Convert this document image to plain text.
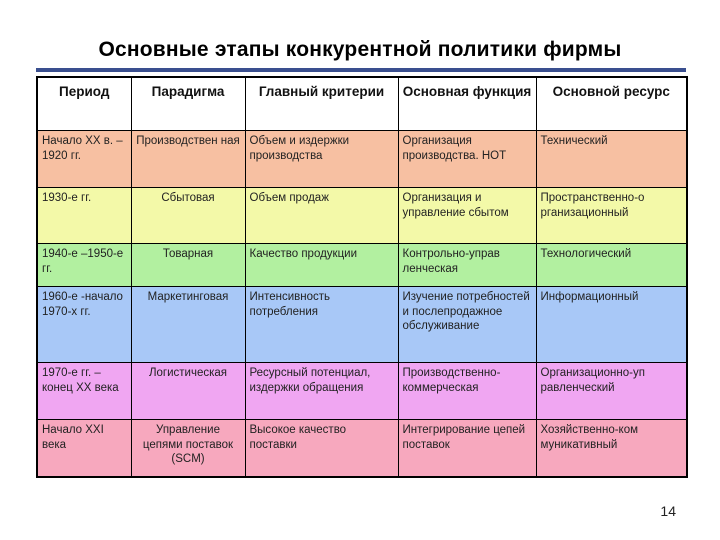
Основные этапы конкурентной политики фирмы
Период	Парадигма	Главный критерии	Основная функция	Основной ресурс
Начало XX в. –1920 гг.	Производствен ная	Объем и издержки производства	Организация производства. НОТ	Технический
1930-е гг.	Сбытовая	Объем продаж	Организация и управление сбытом	Пространственно-о рганизационный
1940-е –1950-е гг.	Товарная	Качество продукции	Контрольно-управ ленческая	Технологический
1960-е -начало 1970-х гг.	Маркетинговая	Интенсивность потребления	Изучение потребностей и послепродажное обслуживание	Информационный
1970-е гг. – конец XX века	Логистическая	Ресурсный потенциал, издержки обращения	Производственно-коммерческая	Организационно-уп равленческий
Начало XXI века	Управление цепями поставок (SCM)	Высокое качество поставки	Интегрирование цепей поставок	Хозяйственно-ком муникативный
14
